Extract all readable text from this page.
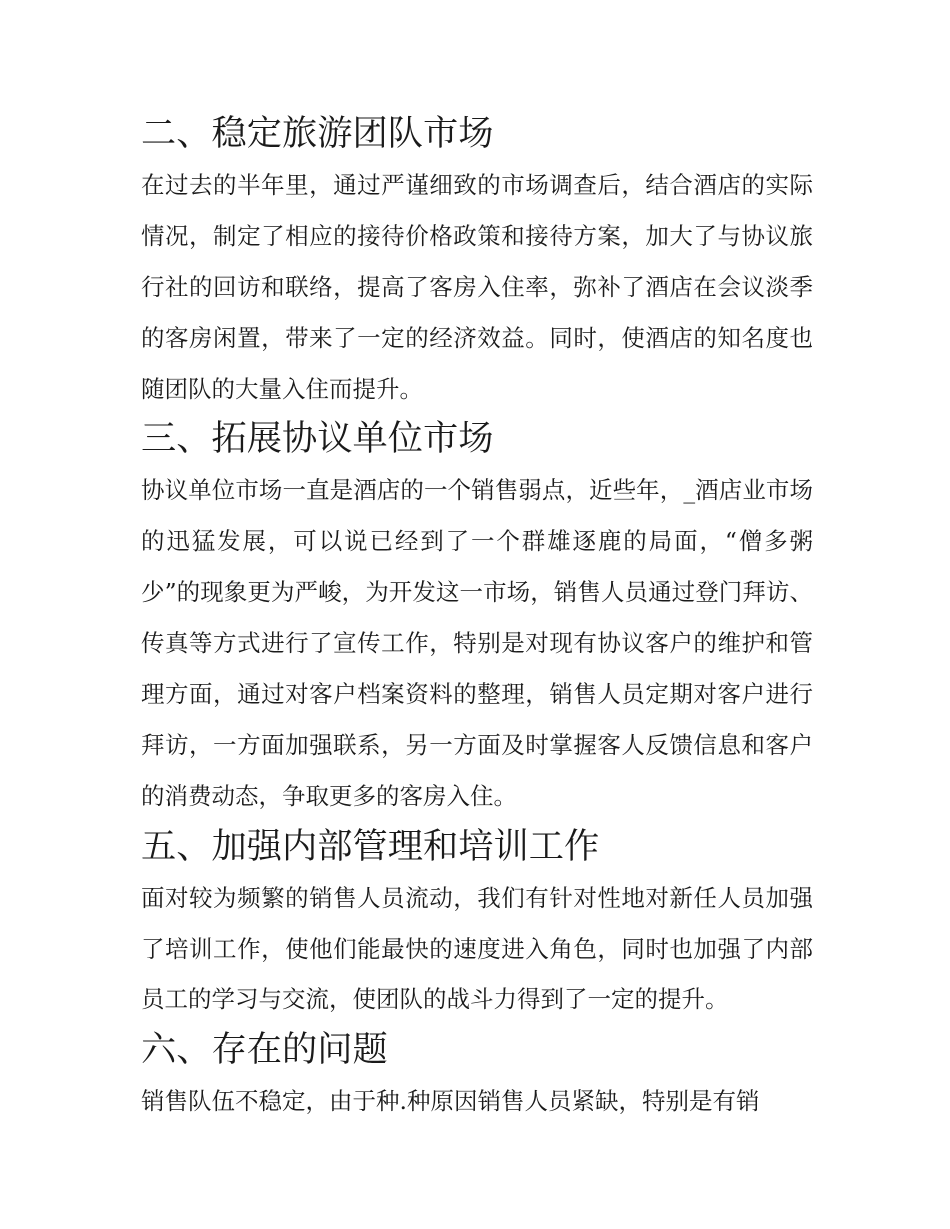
二、稳定旅游团队市场

在过去的半年里，通过严谨细致的市场调查后，结合酒店的实际情况，制定了相应的接待价格政策和接待方案，加大了与协议旅行社的回访和联络，提高了客房入住率，弥补了酒店在会议淡季的客房闲置，带来了一定的经济效益。同时，使酒店的知名度也随团队的大量入住而提升。

三、拓展协议单位市场

协议单位市场一直是酒店的一个销售弱点，近些年，_酒店业市场的迅猛发展，可以说已经到了一个群雄逐鹿的局面，“僧多粥少”的现象更为严峻，为开发这一市场，销售人员通过登门拜访、传真等方式进行了宣传工作，特别是对现有协议客户的维护和管理方面，通过对客户档案资料的整理，销售人员定期对客户进行拜访，一方面加强联系，另一方面及时掌握客人反馈信息和客户的消费动态，争取更多的客房入住。

五、加强内部管理和培训工作

面对较为频繁的销售人员流动，我们有针对性地对新任人员加强了培训工作，使他们能最快的速度进入角色，同时也加强了内部员工的学习与交流，使团队的战斗力得到了一定的提升。

六、存在的问题

销售队伍不稳定，由于种.种原因销售人员紧缺，特别是有销
